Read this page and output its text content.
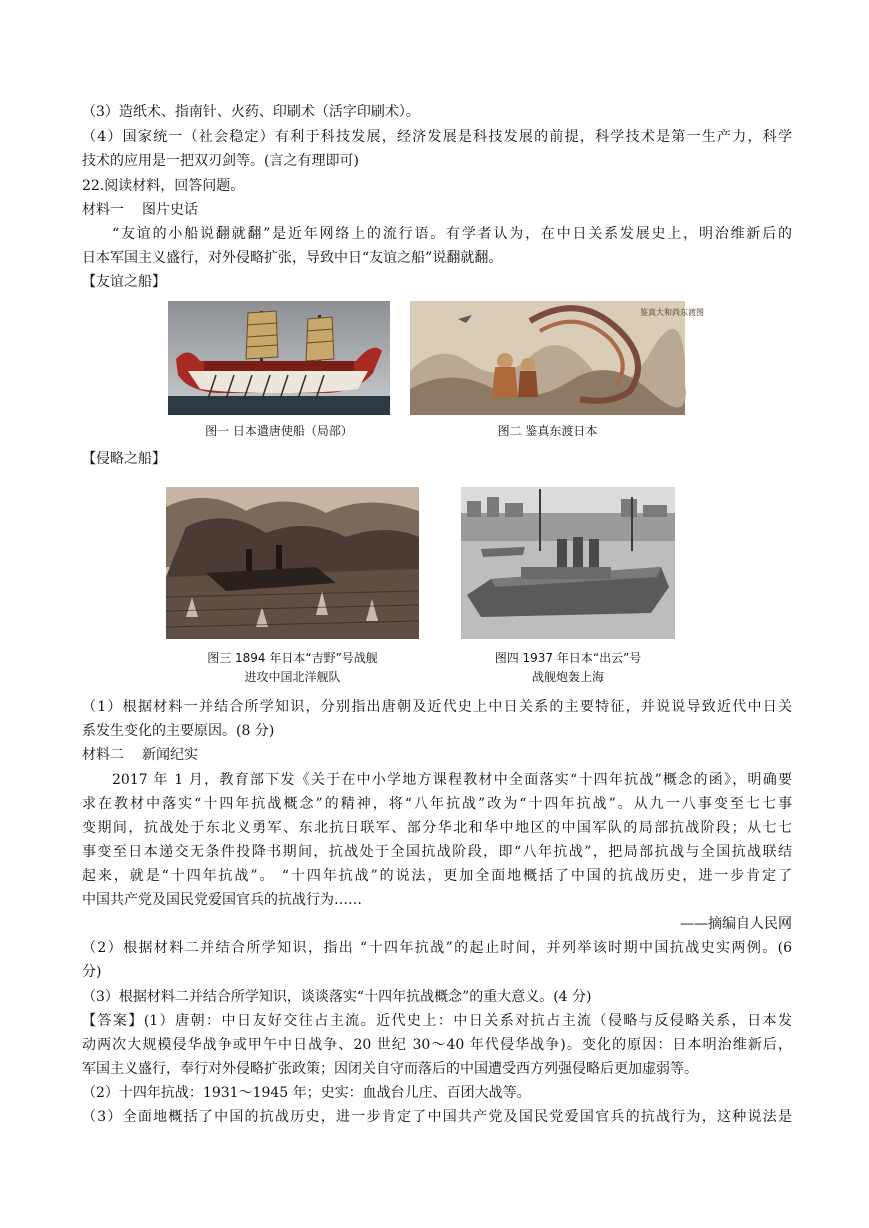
（3）造纸术、指南针、火药、印刷术（活字印刷术）。
（4）国家统一（社会稳定）有利于科技发展，经济发展是科技发展的前提，科学技术是第一生产力，科学
技术的应用是一把双刃剑等。(言之有理即可)
22.阅读材料，回答问题。
材料一 图片史话
“友谊的小船说翻就翻”是近年网络上的流行语。有学者认为，在中日关系发展史上，明治维新后的
日本军国主义盛行，对外侵略扩张，导致中日“友谊之船”说翻就翻。
【友谊之船】
图一 日本遣唐使船（局部）
鉴真大和尚东渡图
图二 鉴真东渡日本
【侵略之船】
图三 1894 年日本“吉野”号战舰
进攻中国北洋舰队
图四 1937 年日本“出云”号
战舰炮轰上海
（1）根据材料一并结合所学知识，分别指出唐朝及近代史上中日关系的主要特征，并说说导致近代中日关
系发生变化的主要原因。(8 分)
材料二 新闻纪实
2017 年 1 月，教育部下发《关于在中小学地方课程教材中全面落实“十四年抗战”概念的函》，明确要
求在教材中落实“十四年抗战概念”的精神，将“八年抗战”改为“十四年抗战”。从九一八事变至七七事
变期间，抗战处于东北义勇军、东北抗日联军、部分华北和华中地区的中国军队的局部抗战阶段；从七七
事变至日本递交无条件投降书期间，抗战处于全国抗战阶段，即“八年抗战”，把局部抗战与全国抗战联结
起来，就是“十四年抗战”。 “十四年抗战”的说法，更加全面地概括了中国的抗战历史，进一步肯定了
中国共产党及国民党爱国官兵的抗战行为……
——摘编自人民网
（2）根据材料二并结合所学知识，指出 “十四年抗战”的起止时间，并列举该时期中国抗战史实两例。(6
分)
（3）根据材料二并结合所学知识，谈谈落实“十四年抗战概念”的重大意义。(4 分)
【答案】(1）唐朝：中日友好交往占主流。近代史上：中日关系对抗占主流（侵略与反侵略关系，日本发
动两次大规模侵华战争或甲午中日战争、20 世纪 30～40 年代侵华战争)。变化的原因：日本明治维新后，
军国主义盛行，奉行对外侵略扩张政策；因闭关自守而落后的中国遭受西方列强侵略后更加虚弱等。
（2）十四年抗战：1931～1945 年；史实：血战台儿庄、百团大战等。
（3）全面地概括了中国的抗战历史，进一步肯定了中国共产党及国民党爱国官兵的抗战行为，这种说法是
